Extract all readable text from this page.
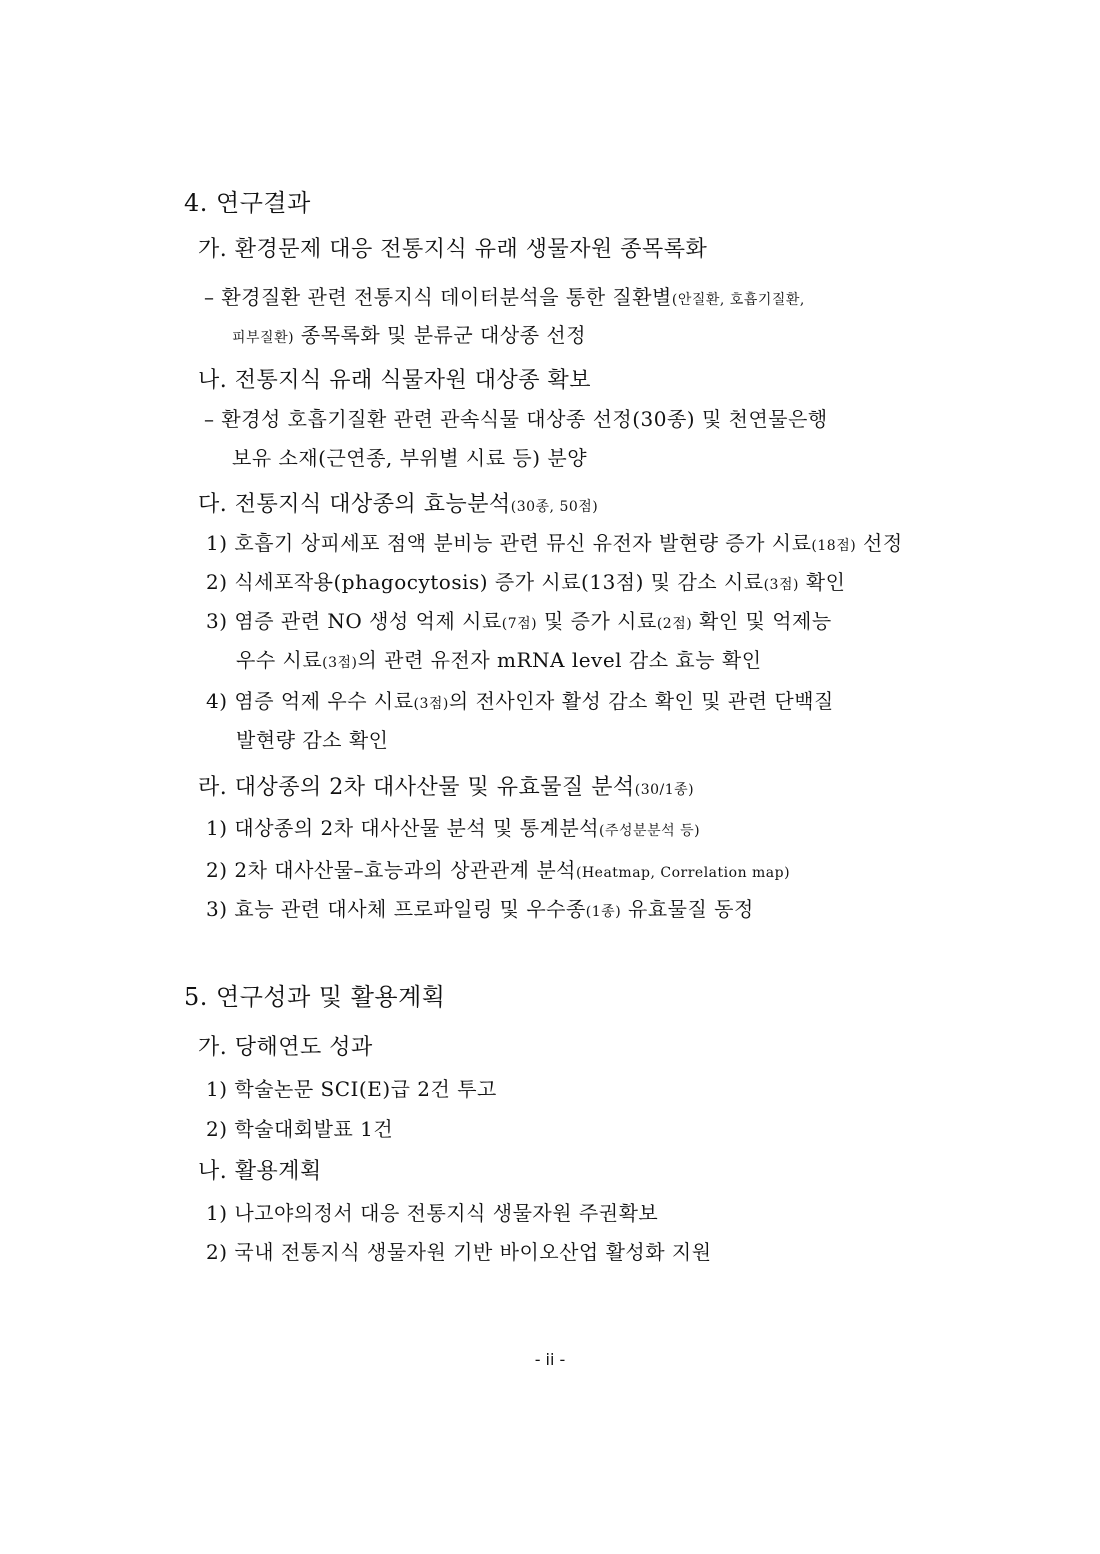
4. 연구결과
가. 환경문제 대응 전통지식 유래 생물자원 종목록화
– 환경질환 관련 전통지식 데이터분석을 통한 질환별(안질환, 호흡기질환,
피부질환) 종목록화 및 분류군 대상종 선정
나. 전통지식 유래 식물자원 대상종 확보
– 환경성 호흡기질환 관련 관속식물 대상종 선정(30종) 및 천연물은행
보유 소재(근연종, 부위별 시료 등) 분양
다. 전통지식 대상종의 효능분석(30종, 50점)
1) 호흡기 상피세포 점액 분비능 관련 뮤신 유전자 발현량 증가 시료(18점) 선정
2) 식세포작용(phagocytosis) 증가 시료(13점) 및 감소 시료(3점) 확인
3) 염증 관련 NO 생성 억제 시료(7점) 및 증가 시료(2점) 확인 및 억제능
우수 시료(3점)의 관련 유전자 mRNA level 감소 효능 확인
4) 염증 억제 우수 시료(3점)의 전사인자 활성 감소 확인 및 관련 단백질
발현량 감소 확인
라. 대상종의 2차 대사산물 및 유효물질 분석(30/1종)
1) 대상종의 2차 대사산물 분석 및 통계분석(주성분분석 등)
2) 2차 대사산물–효능과의 상관관계 분석(Heatmap, Correlation map)
3) 효능 관련 대사체 프로파일링 및 우수종(1종) 유효물질 동정
5. 연구성과 및 활용계획
가. 당해연도 성과
1) 학술논문 SCI(E)급 2건 투고
2) 학술대회발표 1건
나. 활용계획
1) 나고야의정서 대응 전통지식 생물자원 주권확보
2) 국내 전통지식 생물자원 기반 바이오산업 활성화 지원
- ii -
